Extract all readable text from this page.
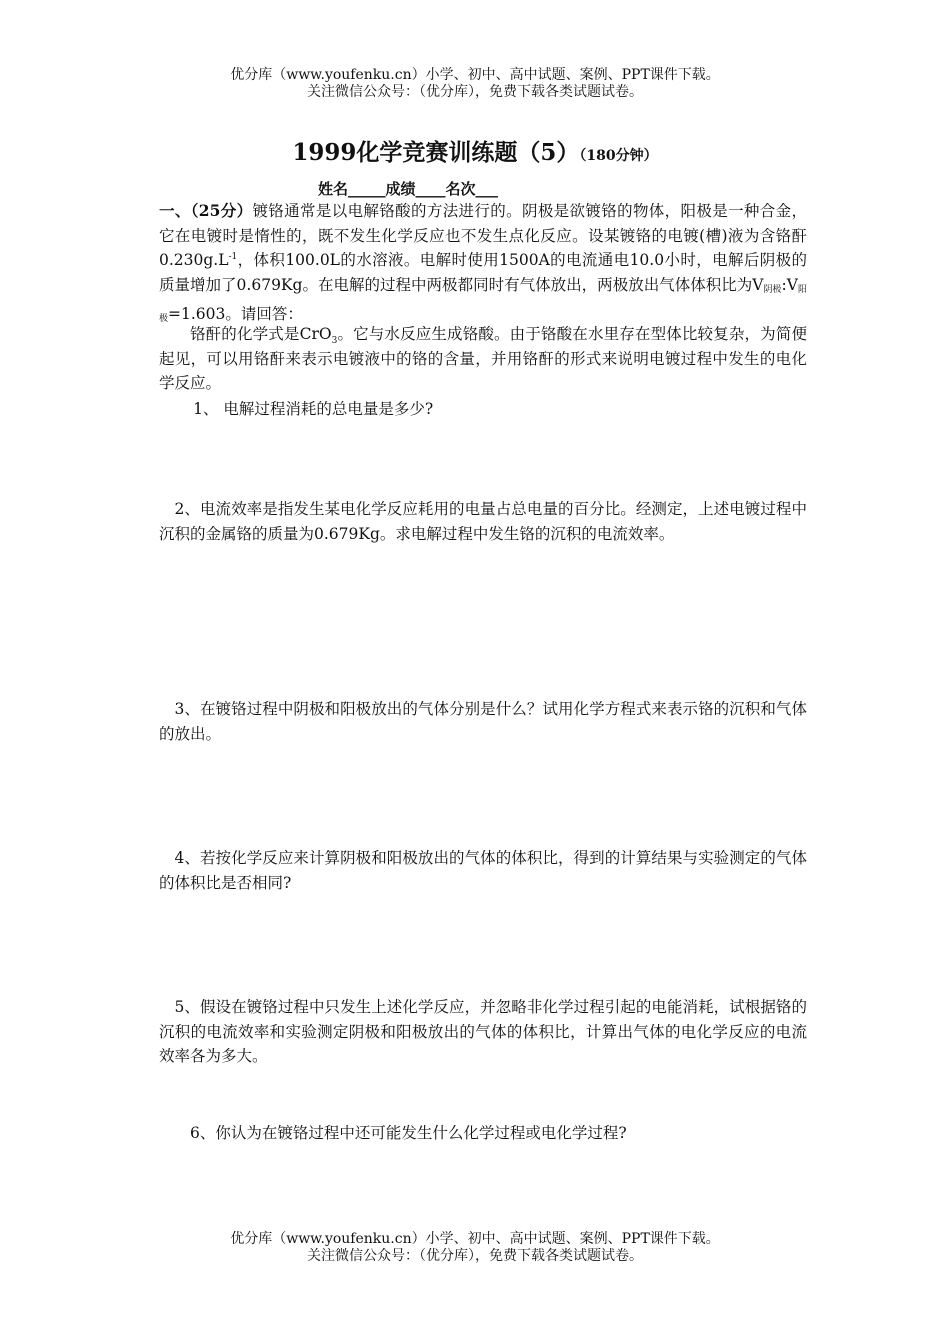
优分库（www.youfenku.cn）小学、初中、高中试题、案例、PPT课件下载。
关注微信公众号：（优分库），免费下载各类试题试卷。
1999化学竞赛训练题（5）（180分钟）
姓名_____成绩____名次___
一、（25分）镀铬通常是以电解铬酸的方法进行的。阴极是欲镀铬的物体，阳极是一种合金，它在电镀时是惰性的，既不发生化学反应也不发生点化反应。设某镀铬的电镀(槽)液为含铬酐$0.230g.L^{-1}$，体积100.0L的水溶液。电解时使用1500A的电流通电10.0小时，电解后阴极的质量增加了0.679Kg。在电解的过程中两极都同时有气体放出，两极放出气体体积比为V阴极:V阳极=1.603。请回答：
铬酐的化学式是CrO$_3$。它与水反应生成铬酸。由于铬酸在水里存在型体比较复杂，为简便起见，可以用铬酐来表示电镀液中的铬的含量，并用铬酐的形式来说明电镀过程中发生的电化学反应。
1、 电解过程消耗的总电量是多少?
2、电流效率是指发生某电化学反应耗用的电量占总电量的百分比。经测定，上述电镀过程中沉积的金属铬的质量为0.679Kg。求电解过程中发生铬的沉积的电流效率。
3、在镀铬过程中阴极和阳极放出的气体分别是什么？试用化学方程式来表示铬的沉积和气体的放出。
4、若按化学反应来计算阴极和阳极放出的气体的体积比，得到的计算结果与实验测定的气体的体积比是否相同?
5、假设在镀铬过程中只发生上述化学反应，并忽略非化学过程引起的电能消耗，试根据铬的沉积的电流效率和实验测定阴极和阳极放出的气体的体积比，计算出气体的电化学反应的电流效率各为多大。
6、你认为在镀铬过程中还可能发生什么化学过程或电化学过程?
优分库（www.youfenku.cn）小学、初中、高中试题、案例、PPT课件下载。
关注微信公众号：（优分库），免费下载各类试题试卷。
